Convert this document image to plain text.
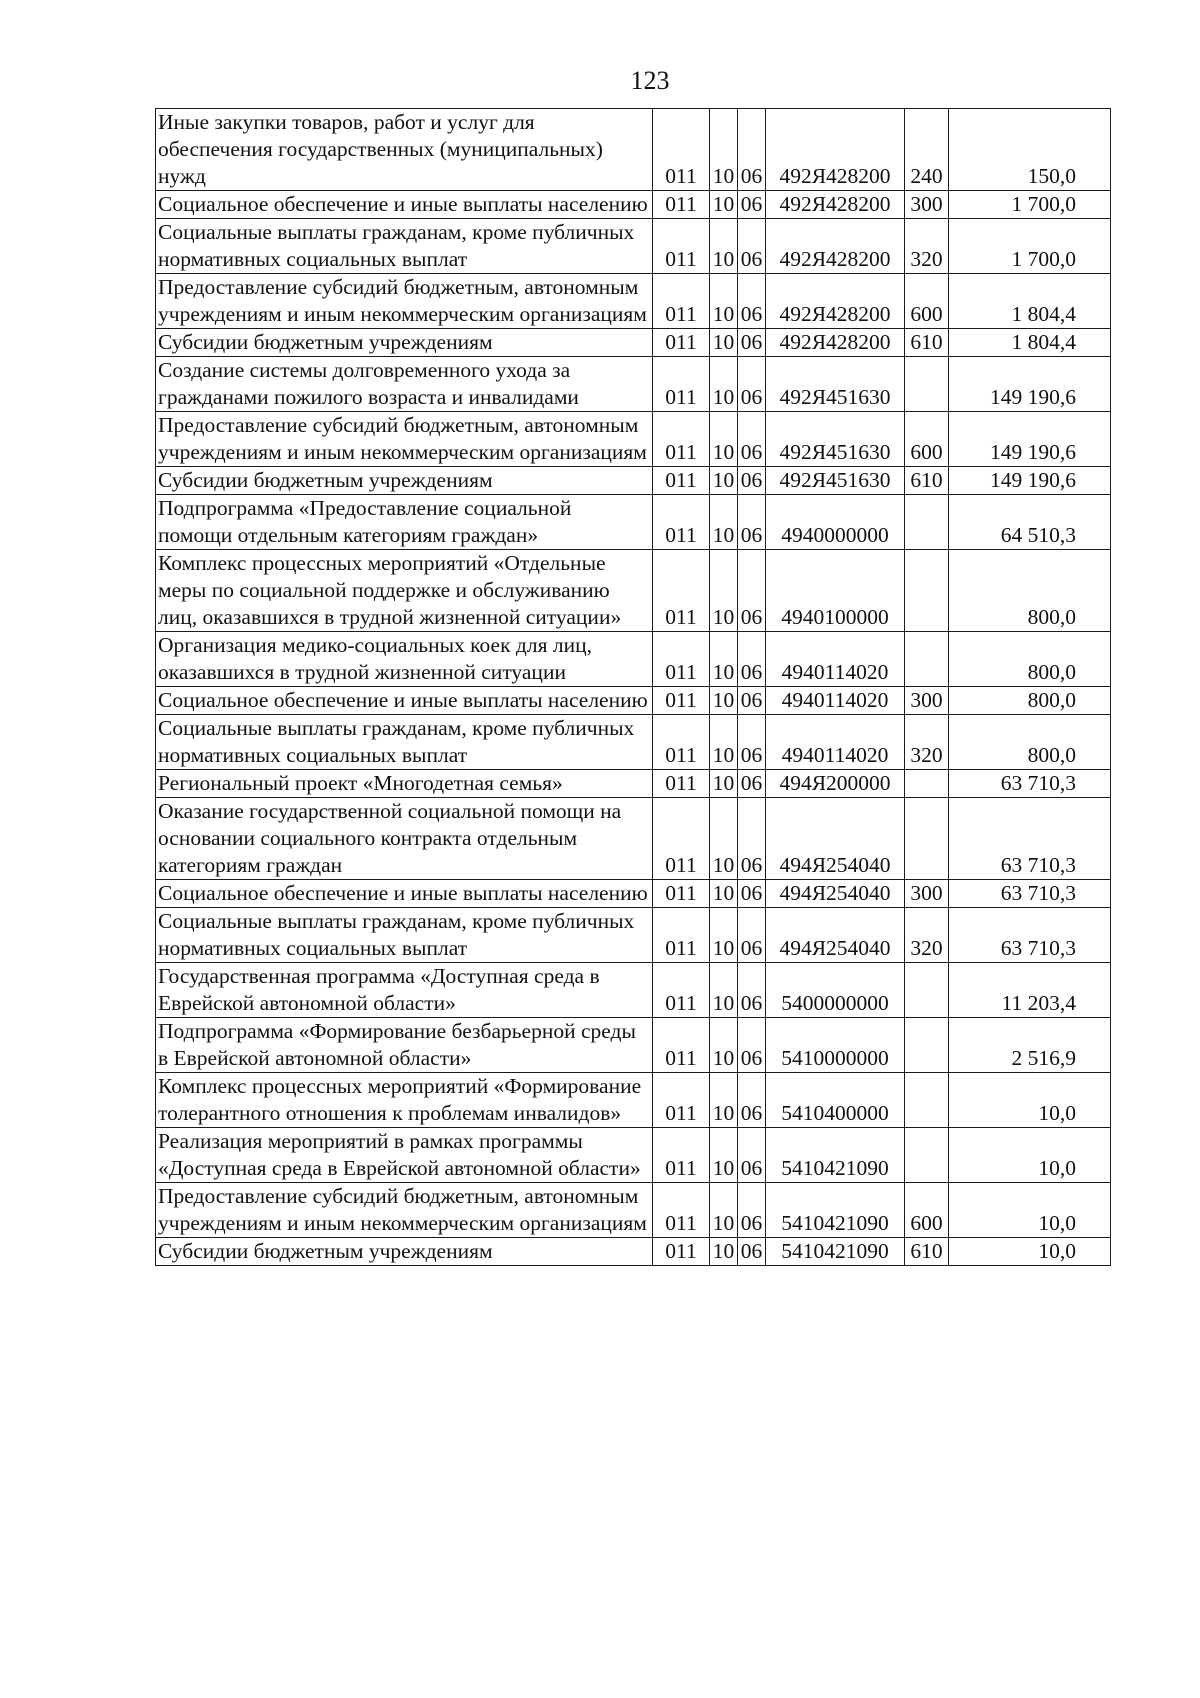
123
Иные закупки товаров, работ и услуг для обеспечения государственных (муниципальных) нужд	011	10	06	492Я428200	240	150,0
Социальное обеспечение и иные выплаты населению	011	10	06	492Я428200	300	1 700,0
Социальные выплаты гражданам, кроме публичных нормативных социальных выплат	011	10	06	492Я428200	320	1 700,0
Предоставление субсидий бюджетным, автономным учреждениям и иным некоммерческим организациям	011	10	06	492Я428200	600	1 804,4
Субсидии бюджетным учреждениям	011	10	06	492Я428200	610	1 804,4
Создание системы долговременного ухода за гражданами пожилого возраста и инвалидами	011	10	06	492Я451630		149 190,6
Предоставление субсидий бюджетным, автономным учреждениям и иным некоммерческим организациям	011	10	06	492Я451630	600	149 190,6
Субсидии бюджетным учреждениям	011	10	06	492Я451630	610	149 190,6
Подпрограмма «Предоставление социальной помощи отдельным категориям граждан»	011	10	06	4940000000		64 510,3
Комплекс процессных мероприятий «Отдельные меры по социальной поддержке и обслуживанию лиц, оказавшихся в трудной жизненной ситуации»	011	10	06	4940100000		800,0
Организация медико-социальных коек для лиц, оказавшихся в трудной жизненной ситуации	011	10	06	4940114020		800,0
Социальное обеспечение и иные выплаты населению	011	10	06	4940114020	300	800,0
Социальные выплаты гражданам, кроме публичных нормативных социальных выплат	011	10	06	4940114020	320	800,0
Региональный проект «Многодетная семья»	011	10	06	494Я200000		63 710,3
Оказание государственной социальной помощи на основании социального контракта отдельным категориям граждан	011	10	06	494Я254040		63 710,3
Социальное обеспечение и иные выплаты населению	011	10	06	494Я254040	300	63 710,3
Социальные выплаты гражданам, кроме публичных нормативных социальных выплат	011	10	06	494Я254040	320	63 710,3
Государственная программа «Доступная среда в Еврейской автономной области»	011	10	06	5400000000		11 203,4
Подпрограмма «Формирование безбарьерной среды в Еврейской автономной области»	011	10	06	5410000000		2 516,9
Комплекс процессных мероприятий «Формирование толерантного отношения к проблемам инвалидов»	011	10	06	5410400000		10,0
Реализация мероприятий в рамках программы «Доступная среда в Еврейской автономной области»	011	10	06	5410421090		10,0
Предоставление субсидий бюджетным, автономным учреждениям и иным некоммерческим организациям	011	10	06	5410421090	600	10,0
Субсидии бюджетным учреждениям	011	10	06	5410421090	610	10,0
